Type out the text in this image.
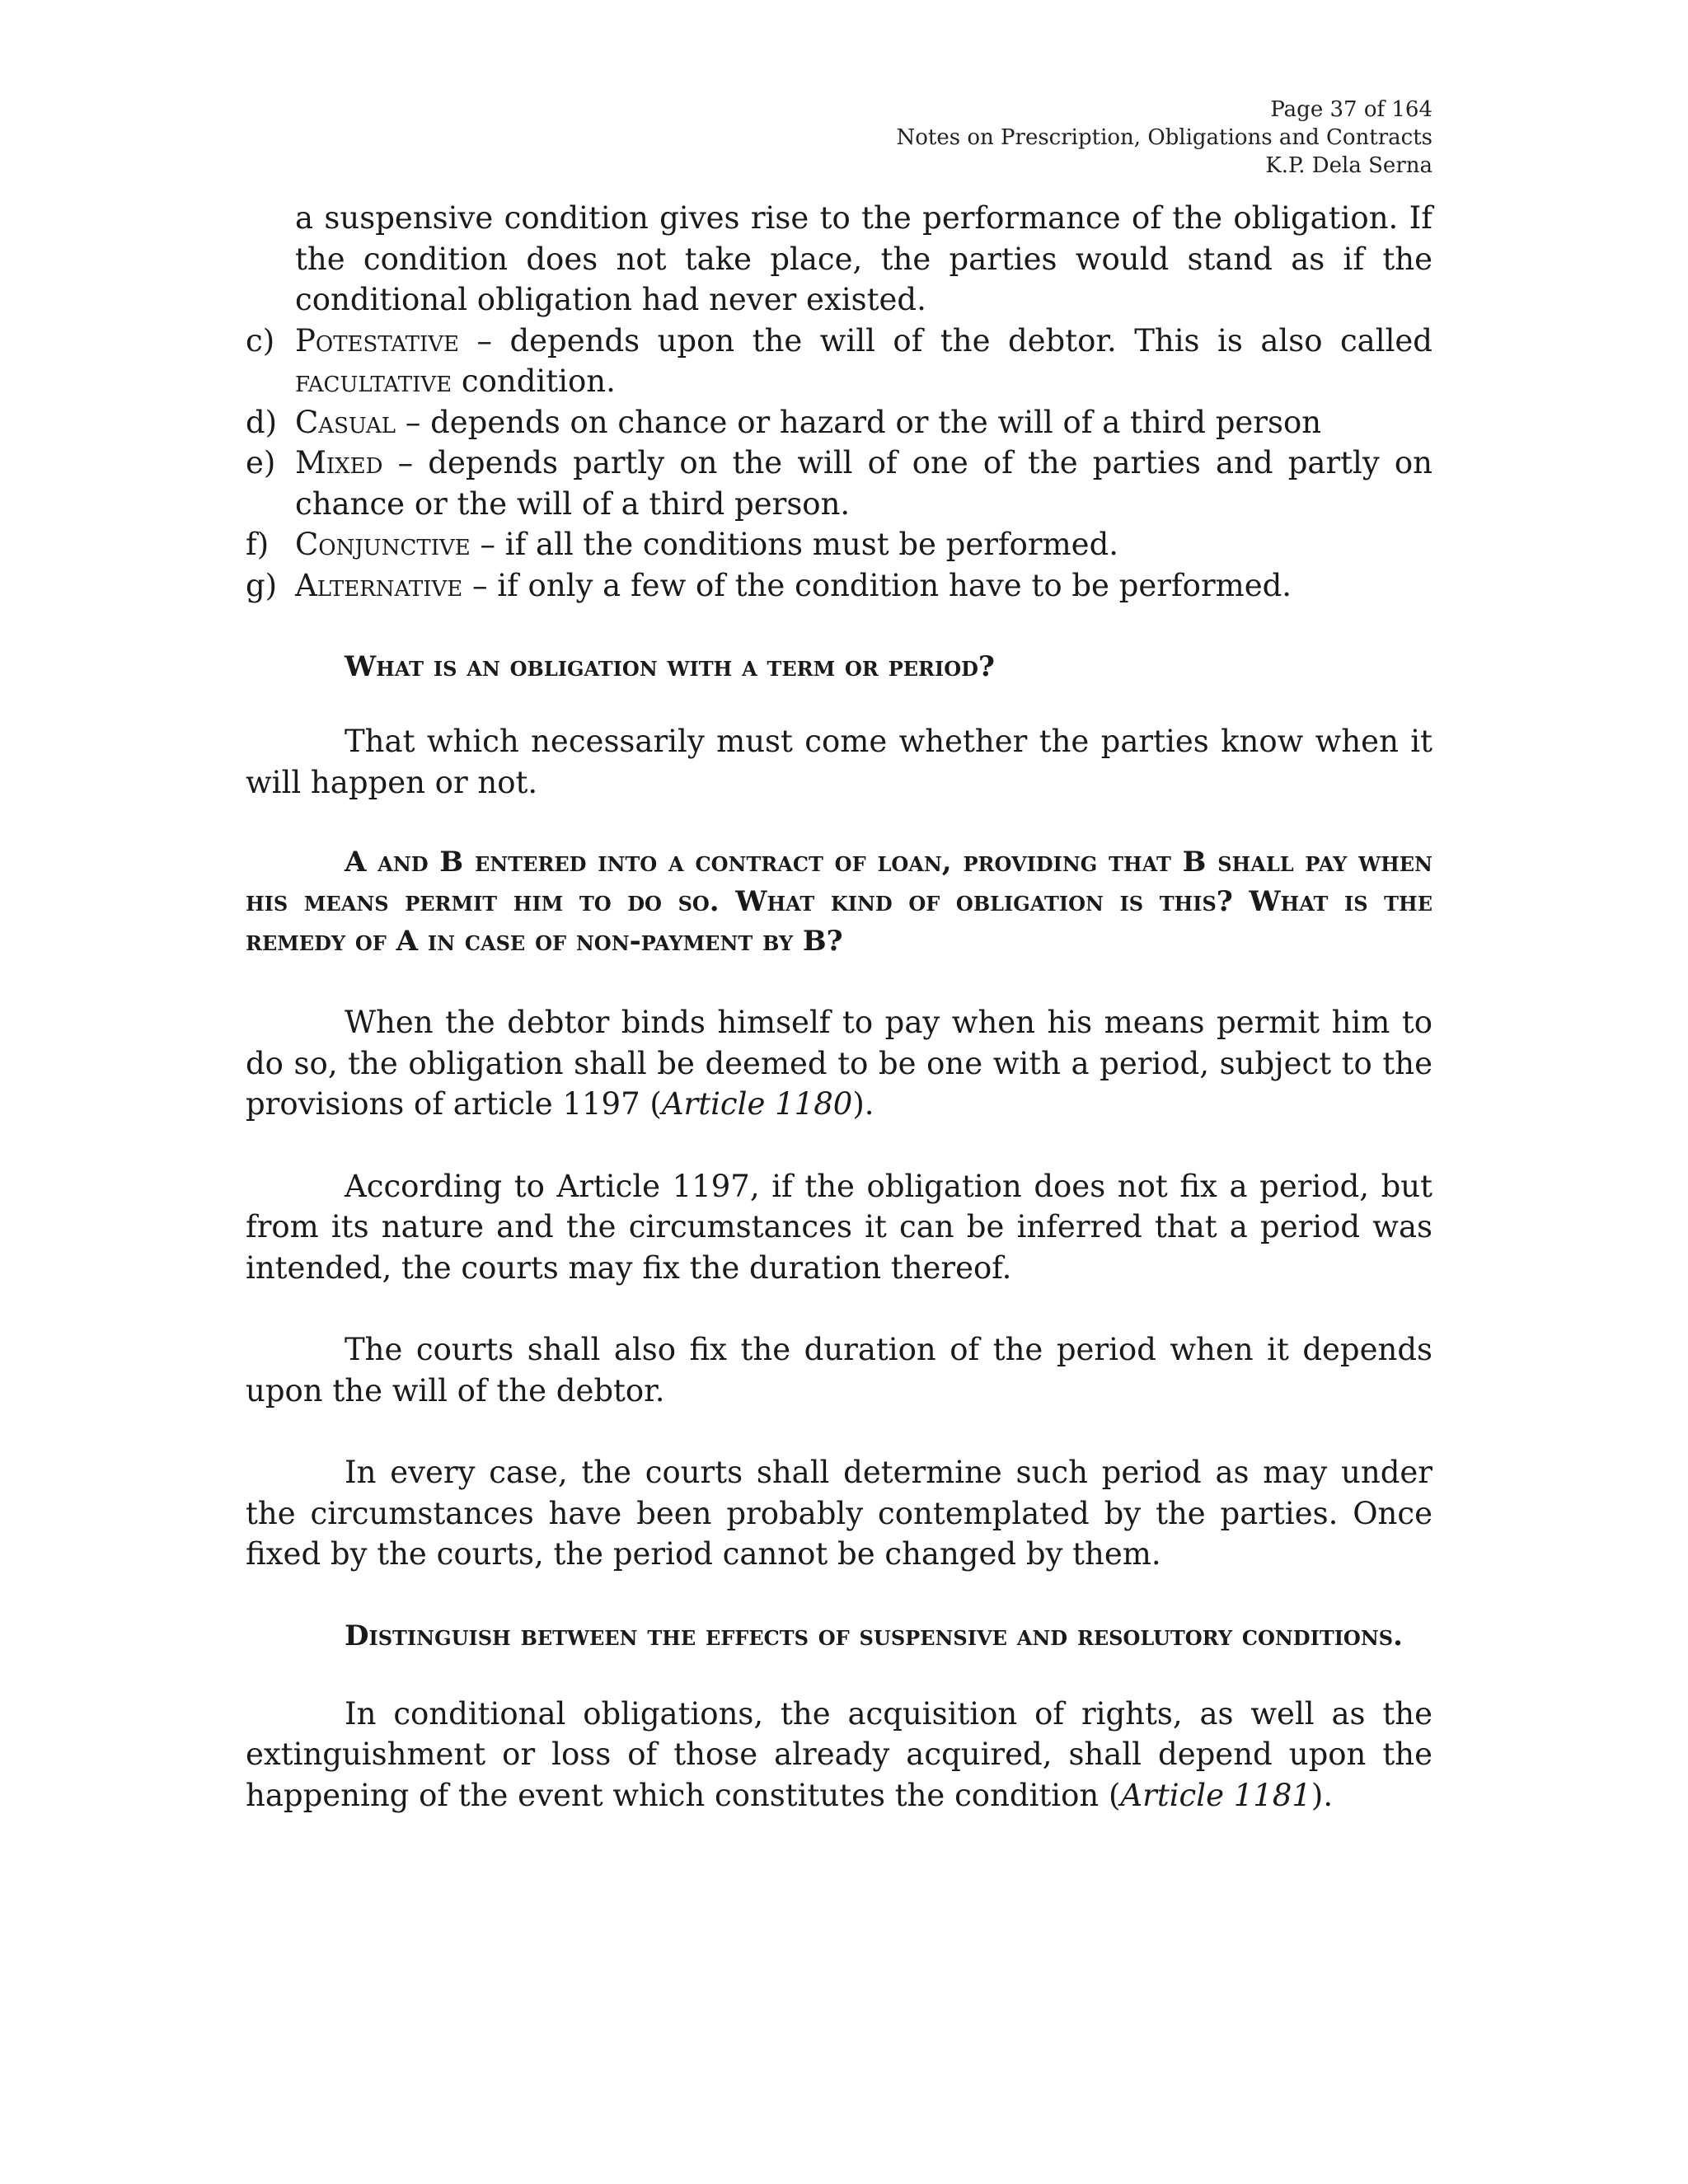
Page 37 of 164
Notes on Prescription, Obligations and Contracts
K.P. Dela Serna
a suspensive condition gives rise to the performance of the obligation. If the condition does not take place, the parties would stand as if the conditional obligation had never existed.
c) Potestative – depends upon the will of the debtor. This is also called facultative condition.
d) Casual – depends on chance or hazard or the will of a third person
e) Mixed – depends partly on the will of one of the parties and partly on chance or the will of a third person.
f) Conjunctive – if all the conditions must be performed.
g) Alternative – if only a few of the condition have to be performed.

What is an obligation with a term or period?

That which necessarily must come whether the parties know when it will happen or not.

A and B entered into a contract of loan, providing that B shall pay when his means permit him to do so. What kind of obligation is this? What is the remedy of A in case of non-payment by B?

When the debtor binds himself to pay when his means permit him to do so, the obligation shall be deemed to be one with a period, subject to the provisions of article 1197 (Article 1180).

According to Article 1197, if the obligation does not fix a period, but from its nature and the circumstances it can be inferred that a period was intended, the courts may fix the duration thereof.

The courts shall also fix the duration of the period when it depends upon the will of the debtor.

In every case, the courts shall determine such period as may under the circumstances have been probably contemplated by the parties. Once fixed by the courts, the period cannot be changed by them.

Distinguish between the effects of suspensive and resolutory conditions.

In conditional obligations, the acquisition of rights, as well as the extinguishment or loss of those already acquired, shall depend upon the happening of the event which constitutes the condition (Article 1181).
